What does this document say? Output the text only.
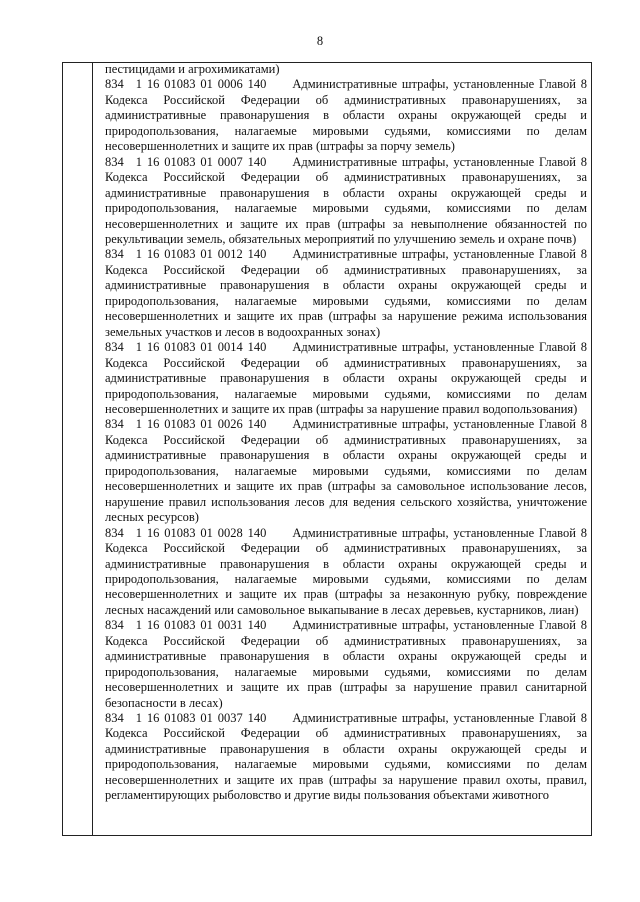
8

пестицидами и агрохимикатами)

834 1 16 01083 01 0006 140 Административные штрафы, установленные Главой 8 Кодекса Российской Федерации об административных правонарушениях, за административные правонарушения в области охраны окружающей среды и природопользования, налагаемые мировыми судьями, комиссиями по делам несовершеннолетних и защите их прав (штрафы за порчу земель)

834 1 16 01083 01 0007 140 Административные штрафы, установленные Главой 8 Кодекса Российской Федерации об административных правонарушениях, за административные правонарушения в области охраны окружающей среды и природопользования, налагаемые мировыми судьями, комиссиями по делам несовершеннолетних и защите их прав (штрафы за невыполнение обязанностей по рекультивации земель, обязательных мероприятий по улучшению земель и охране почв)

834 1 16 01083 01 0012 140 Административные штрафы, установленные Главой 8 Кодекса Российской Федерации об административных правонарушениях, за административные правонарушения в области охраны окружающей среды и природопользования, налагаемые мировыми судьями, комиссиями по делам несовершеннолетних и защите их прав (штрафы за нарушение режима использования земельных участков и лесов в водоохранных зонах)

834 1 16 01083 01 0014 140 Административные штрафы, установленные Главой 8 Кодекса Российской Федерации об административных правонарушениях, за административные правонарушения в области охраны окружающей среды и природопользования, налагаемые мировыми судьями, комиссиями по делам несовершеннолетних и защите их прав (штрафы за нарушение правил водопользования)

834 1 16 01083 01 0026 140 Административные штрафы, установленные Главой 8 Кодекса Российской Федерации об административных правонарушениях, за административные правонарушения в области охраны окружающей среды и природопользования, налагаемые мировыми судьями, комиссиями по делам несовершеннолетних и защите их прав (штрафы за самовольное использование лесов, нарушение правил использования лесов для ведения сельского хозяйства, уничтожение лесных ресурсов)

834 1 16 01083 01 0028 140 Административные штрафы, установленные Главой 8 Кодекса Российской Федерации об административных правонарушениях, за административные правонарушения в области охраны окружающей среды и природопользования, налагаемые мировыми судьями, комиссиями по делам несовершеннолетних и защите их прав (штрафы за незаконную рубку, повреждение лесных насаждений или самовольное выкапывание в лесах деревьев, кустарников, лиан)

834 1 16 01083 01 0031 140 Административные штрафы, установленные Главой 8 Кодекса Российской Федерации об административных правонарушениях, за административные правонарушения в области охраны окружающей среды и природопользования, налагаемые мировыми судьями, комиссиями по делам несовершеннолетних и защите их прав (штрафы за нарушение правил санитарной безопасности в лесах)

834 1 16 01083 01 0037 140 Административные штрафы, установленные Главой 8 Кодекса Российской Федерации об административных правонарушениях, за административные правонарушения в области охраны окружающей среды и природопользования, налагаемые мировыми судьями, комиссиями по делам несовершеннолетних и защите их прав (штрафы за нарушение правил охоты, правил, регламентирующих рыболовство и другие виды пользования объектами животного
